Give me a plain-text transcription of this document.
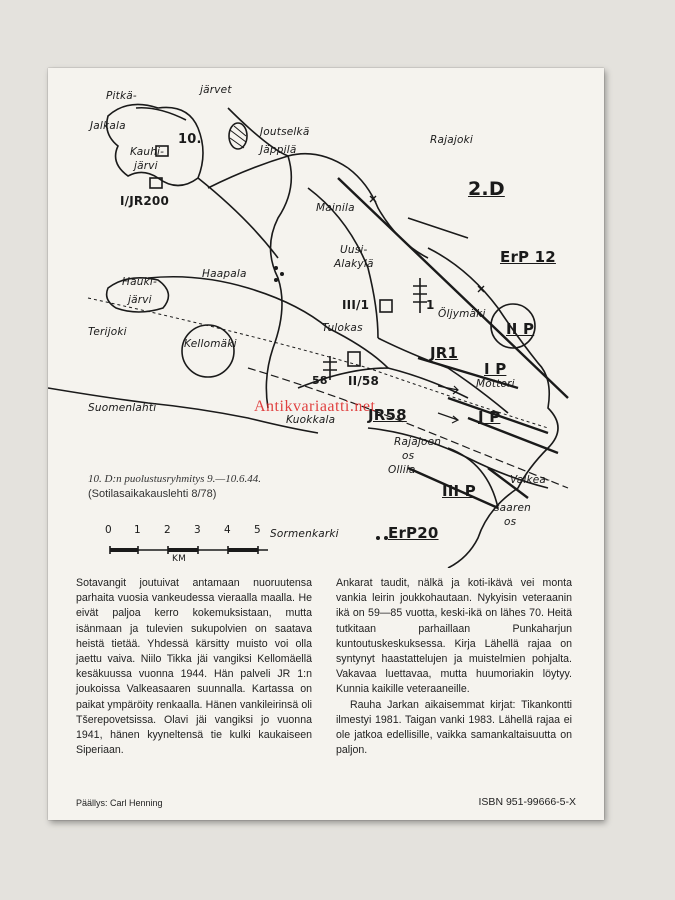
Pitkä-	järvet
Jalkala
Kauhi-
järvi
10.
I/JR200
Joutselkä
Jäppilä
Rajajoki
2.D
Mainila
Uusi-
Alakylä	ErP 12
Haapala
Hauki-
järvi	III/1	1
Öljymäki
II P
Terijoki
Kellomäki
Tulokas
JR1
I P
Mottori
58 II/58
Suomenlahti
Kuokkala JR58	I P
Rajajoen
os
Ollila
III P
Valkea-
saaren
os
Sormenkarki	ErP20
10. D:n puolustusryhmitys 9.—10.6.44.
(Sotilasaikakauslehti 8/78)
0 1 2 3 4 5
KM
Antikvariaatti.net

Sotavangit joutuivat antamaan nuoruutensa parhaita vuosia vankeudessa vieraalla maalla. He eivät paljoa kerro kokemuksistaan, mutta isänmaan ja tulevien sukupolvien on saatava heistä tietää. Yhdessä kärsitty muisto voi olla jaettu vaiva. Niilo Tikka jäi vangiksi Kellomäellä kesäkuussa vuonna 1944. Hän palveli JR 1:n joukoissa Valkeasaaren suunnalla. Kartassa on paikat ympäröity renkaalla. Hänen vankileirinsä oli Tšerepovetsissa. Olavi jäi vangiksi jo vuonna 1941, hänen kyyneltensä tie kulki kaukaiseen Siperiaan.

Ankarat taudit, nälkä ja koti-ikävä vei monta vankia leirin joukkohautaan. Nykyisin veteraanin ikä on 59—85 vuotta, keski-ikä on lähes 70. Heitä tutkitaan parhaillaan Punkaharjun kuntoutuskeskuksessa. Kirja Lähellä rajaa on syntynyt haastattelujen ja muistelmien pohjalta. Vakavaa luettavaa, mutta huumoriakin löytyy. Kunnia kaikille veteraaneille.

Rauha Jarkan aikaisemmat kirjat: Tikankontti ilmestyi 1981. Taigan vanki 1983. Lähellä rajaa ei ole jatkoa edellisille, vaikka samankaltaisuutta on paljon.

Päällys: Carl Henning	ISBN 951-99666-5-X
